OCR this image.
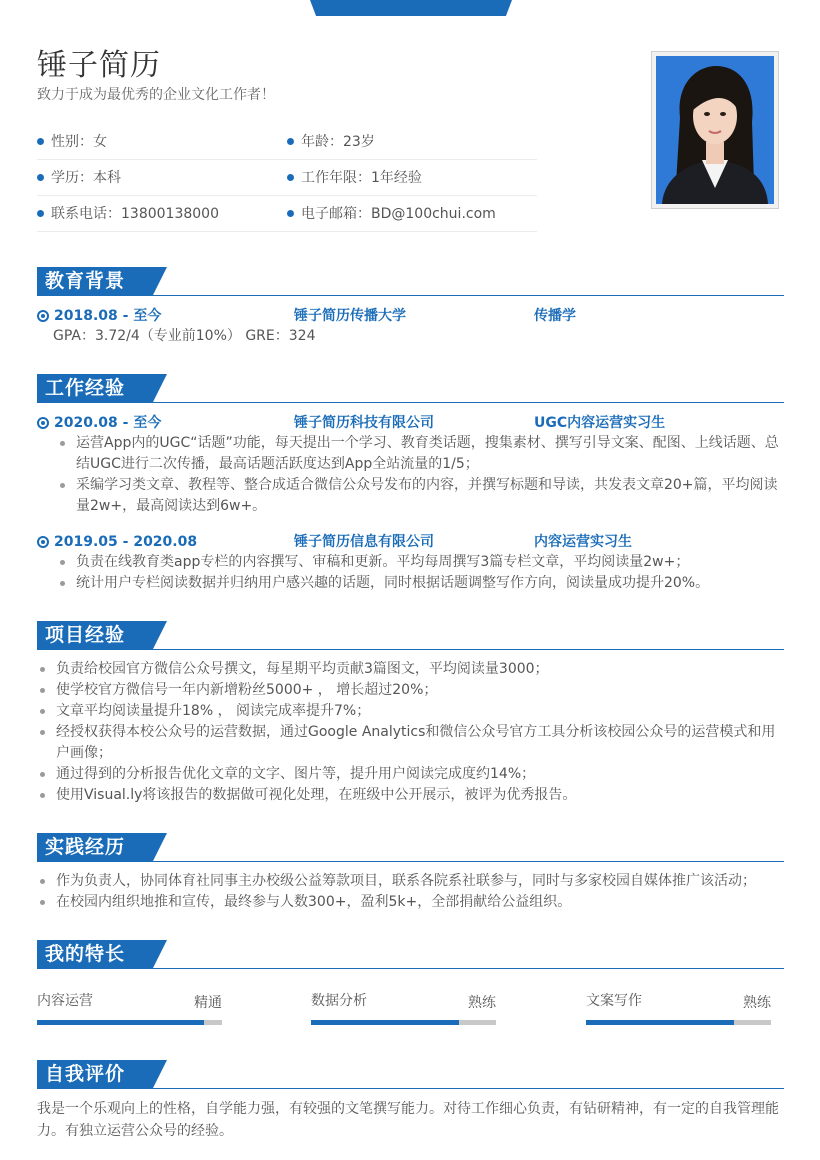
锤子简历
致力于成为最优秀的企业文化工作者！
性别：女	年龄：23岁
学历：本科	工作年限：1年经验
联系电话：13800138000	电子邮箱：BD@100chui.com
教育背景
2018.08 - 至今	锤子简历传播大学	传播学
GPA：3.72/4（专业前10%） GRE：324
工作经验
2020.08 - 至今	锤子简历科技有限公司	UGC内容运营实习生
运营App内的UGC“话题”功能，每天提出一个学习、教育类话题，搜集素材、撰写引导文案、配图、上线话题、总结UGC进行二次传播，最高话题活跃度达到App全站流量的1/5；
采编学习类文章、教程等、整合成适合微信公众号发布的内容，并撰写标题和导读，共发表文章20+篇，平均阅读量2w+，最高阅读达到6w+。
2019.05 - 2020.08	锤子简历信息有限公司	内容运营实习生
负责在线教育类app专栏的内容撰写、审稿和更新。平均每周撰写3篇专栏文章，平均阅读量2w+；
统计用户专栏阅读数据并归纳用户感兴趣的话题，同时根据话题调整写作方向，阅读量成功提升20%。
项目经验
负责给校园官方微信公众号撰文，每星期平均贡献3篇图文，平均阅读量3000；
使学校官方微信号一年内新增粉丝5000+ ， 增长超过20%；
文章平均阅读量提升18% ， 阅读完成率提升7%；
经授权获得本校公众号的运营数据，通过Google Analytics和微信公众号官方工具分析该校园公众号的运营模式和用户画像；
通过得到的分析报告优化文章的文字、图片等，提升用户阅读完成度约14%；
使用Visual.ly将该报告的数据做可视化处理，在班级中公开展示，被评为优秀报告。
实践经历
作为负责人，协同体育社同事主办校级公益筹款项目，联系各院系社联参与，同时与多家校园自媒体推广该活动；
在校园内组织地推和宣传，最终参与人数300+，盈利5k+，全部捐献给公益组织。
我的特长
内容运营	精通	数据分析	熟练	文案写作	熟练
自我评价
我是一个乐观向上的性格，自学能力强，有较强的文笔撰写能力。对待工作细心负责，有钻研精神，有一定的自我管理能力。有独立运营公众号的经验。
